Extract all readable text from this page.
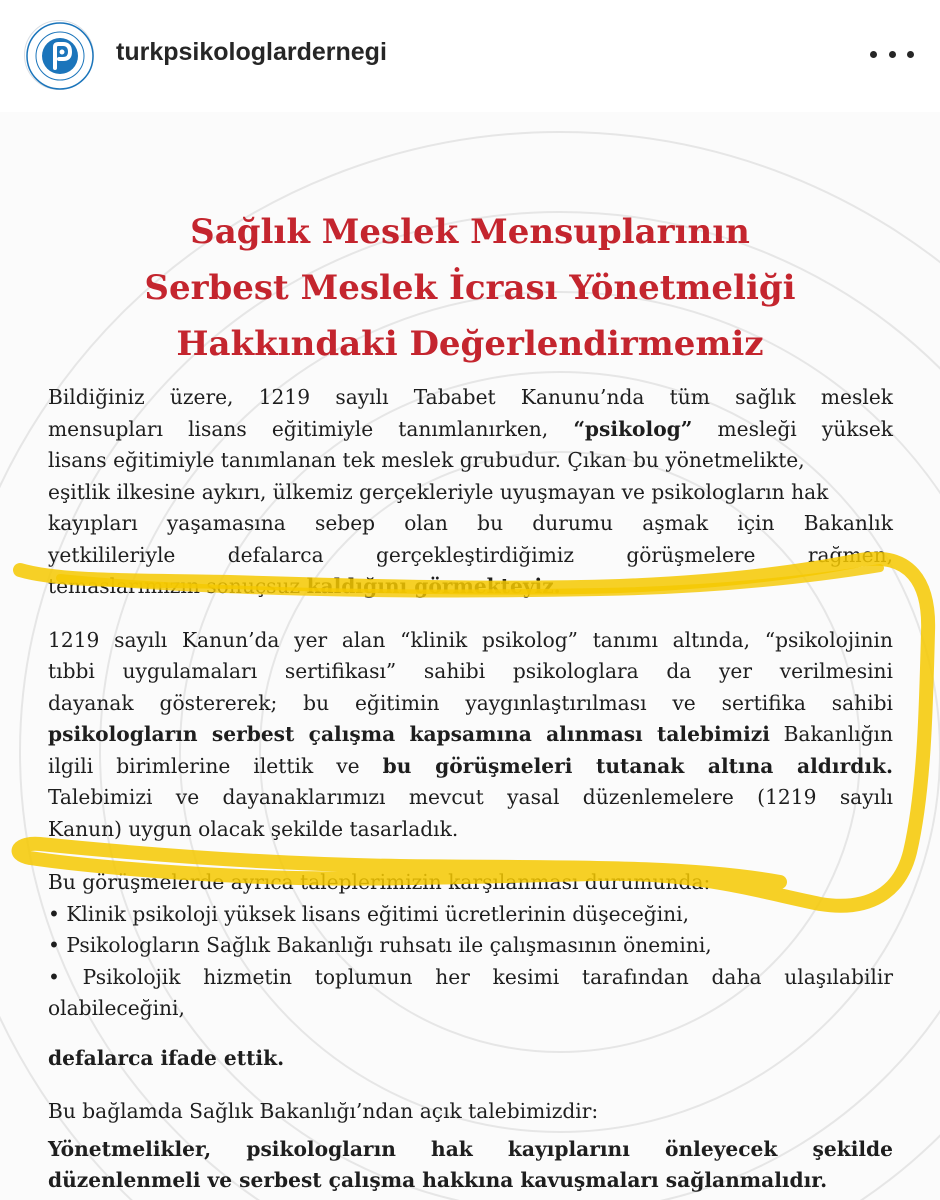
turkpsikologlardernegi
Sağlık Meslek Mensuplarının
Serbest Meslek İcrası Yönetmeliği
Hakkındaki Değerlendirmemiz
Bildiğiniz üzere, 1219 sayılı Tababet Kanunu’nda tüm sağlık meslek
mensupları lisans eğitimiyle tanımlanırken, “psikolog” mesleği yüksek
lisans eğitimiyle tanımlanan tek meslek grubudur. Çıkan bu yönetmelikte,
eşitlik ilkesine aykırı, ülkemiz gerçekleriyle uyuşmayan ve psikologların hak
kayıpları yaşamasına sebep olan bu durumu aşmak için Bakanlık
yetkilileriyle defalarca gerçekleştirdiğimiz görüşmelere rağmen,
temaslarımızın sonuçsuz kaldığını görmekteyiz.
1219 sayılı Kanun’da yer alan “klinik psikolog” tanımı altında, “psikolojinin
tıbbi uygulamaları sertifikası” sahibi psikologlara da yer verilmesini
dayanak göstererek; bu eğitimin yaygınlaştırılması ve sertifika sahibi
psikologların serbest çalışma kapsamına alınması talebimizi Bakanlığın
ilgili birimlerine ilettik ve bu görüşmeleri tutanak altına aldırdık.
Talebimizi ve dayanaklarımızı mevcut yasal düzenlemelere (1219 sayılı
Kanun) uygun olacak şekilde tasarladık.
Bu görüşmelerde ayrıca taleplerimizin karşılanması durumunda:
• Klinik psikoloji yüksek lisans eğitimi ücretlerinin düşeceğini,
• Psikologların Sağlık Bakanlığı ruhsatı ile çalışmasının önemini,
• Psikolojik hizmetin toplumun her kesimi tarafından daha ulaşılabilir
olabileceğini,
defalarca ifade ettik.
Bu bağlamda Sağlık Bakanlığı’ndan açık talebimizdir:
Yönetmelikler, psikologların hak kayıplarını önleyecek şekilde
düzenlenmeli ve serbest çalışma hakkına kavuşmaları sağlanmalıdır.
